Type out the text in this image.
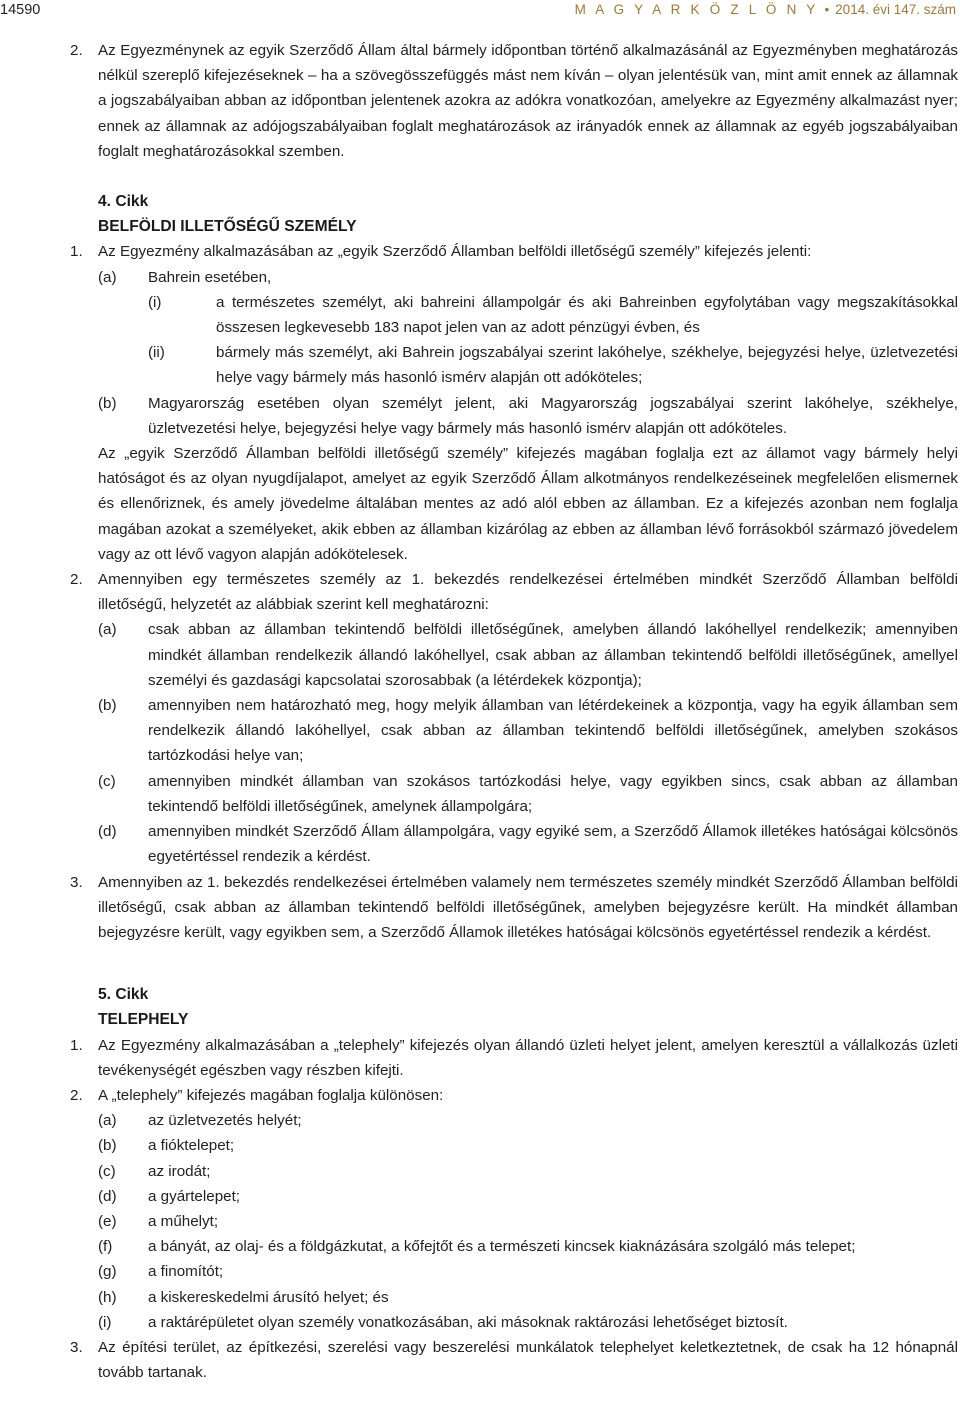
14590	M A G Y A R K Ö Z L Ö N Y • 2014. évi 147. szám
2.	Az Egyezménynek az egyik Szerződő Állam által bármely időpontban történő alkalmazásánál az Egyezményben meghatározás nélkül szereplő kifejezéseknek – ha a szövegösszefüggés mást nem kíván – olyan jelentésük van, mint amit ennek az államnak a jogszabályaiban abban az időpontban jelentenek azokra az adókra vonatkozóan, amelyekre az Egyezmény alkalmazást nyer; ennek az államnak az adójogszabályaiban foglalt meghatározások az irányadók ennek az államnak az egyéb jogszabályaiban foglalt meghatározásokkal szemben.
4. Cikk
BELFÖLDI ILLETŐSÉGŰ SZEMÉLY
1.	Az Egyezmény alkalmazásában az „egyik Szerződő Államban belföldi illetőségű személy” kifejezés jelenti:
(a) Bahrein esetében,
(i)	a természetes személyt, aki bahreini állampolgár és aki Bahreinben egyfolytában vagy megszakításokkal összesen legkevesebb 183 napot jelen van az adott pénzügyi évben, és
(ii)	bármely más személyt, aki Bahrein jogszabályai szerint lakóhelye, székhelye, bejegyzési helye, üzletvezetési helye vagy bármely más hasonló ismérv alapján ott adóköteles;
(b) Magyarország esetében olyan személyt jelent, aki Magyarország jogszabályai szerint lakóhelye, székhelye, üzletvezetési helye, bejegyzési helye vagy bármely más hasonló ismérv alapján ott adóköteles.
Az „egyik Szerződő Államban belföldi illetőségű személy” kifejezés magában foglalja ezt az államot vagy bármely helyi hatóságot és az olyan nyugdíjalapot, amelyet az egyik Szerződő Állam alkotmányos rendelkezéseinek megfelelően elismernek és ellenőriznek, és amely jövedelme általában mentes az adó alól ebben az államban. Ez a kifejezés azonban nem foglalja magában azokat a személyeket, akik ebben az államban kizárólag az ebben az államban lévő forrásokból származó jövedelem vagy az ott lévő vagyon alapján adókötelesek.
2.	Amennyiben egy természetes személy az 1. bekezdés rendelkezései értelmében mindkét Szerződő Államban belföldi illetőségű, helyzetét az alábbiak szerint kell meghatározni:
(a) csak abban az államban tekintendő belföldi illetőségűnek, amelyben állandó lakóhellyel rendelkezik; amennyiben mindkét államban rendelkezik állandó lakóhellyel, csak abban az államban tekintendő belföldi illetőségűnek, amellyel személyi és gazdasági kapcsolatai szorosabbak (a létérdekek központja);
(b) amennyiben nem határozható meg, hogy melyik államban van létérdekeinek a központja, vagy ha egyik államban sem rendelkezik állandó lakóhellyel, csak abban az államban tekintendő belföldi illetőségűnek, amelyben szokásos tartózkodási helye van;
(c) amennyiben mindkét államban van szokásos tartózkodási helye, vagy egyikben sincs, csak abban az államban tekintendő belföldi illetőségűnek, amelynek állampolgára;
(d) amennyiben mindkét Szerződő Állam állampolgára, vagy egyiké sem, a Szerződő Államok illetékes hatóságai kölcsönös egyetértéssel rendezik a kérdést.
3.	Amennyiben az 1. bekezdés rendelkezései értelmében valamely nem természetes személy mindkét Szerződő Államban belföldi illetőségű, csak abban az államban tekintendő belföldi illetőségűnek, amelyben bejegyzésre került. Ha mindkét államban bejegyzésre került, vagy egyikben sem, a Szerződő Államok illetékes hatóságai kölcsönös egyetértéssel rendezik a kérdést.
5. Cikk
TELEPHELY
1.	Az Egyezmény alkalmazásában a „telephely” kifejezés olyan állandó üzleti helyet jelent, amelyen keresztül a vállalkozás üzleti tevékenységét egészben vagy részben kifejti.
2.	A „telephely” kifejezés magában foglalja különösen:
(a) az üzletvezetés helyét;
(b) a fióktelepet;
(c) az irodát;
(d) a gyártelepet;
(e) a műhelyt;
(f) a bányát, az olaj- és a földgázkutat, a kőfejtőt és a természeti kincsek kiaknázására szolgáló más telepet;
(g) a finomítót;
(h) a kiskereskedelmi árusító helyet; és
(i) a raktárépületet olyan személy vonatkozásában, aki másoknak raktározási lehetőséget biztosít.
3.	Az építési terület, az építkezési, szerelési vagy beszerelési munkálatok telephelyet keletkeztetnek, de csak ha 12 hónapnál tovább tartanak.
